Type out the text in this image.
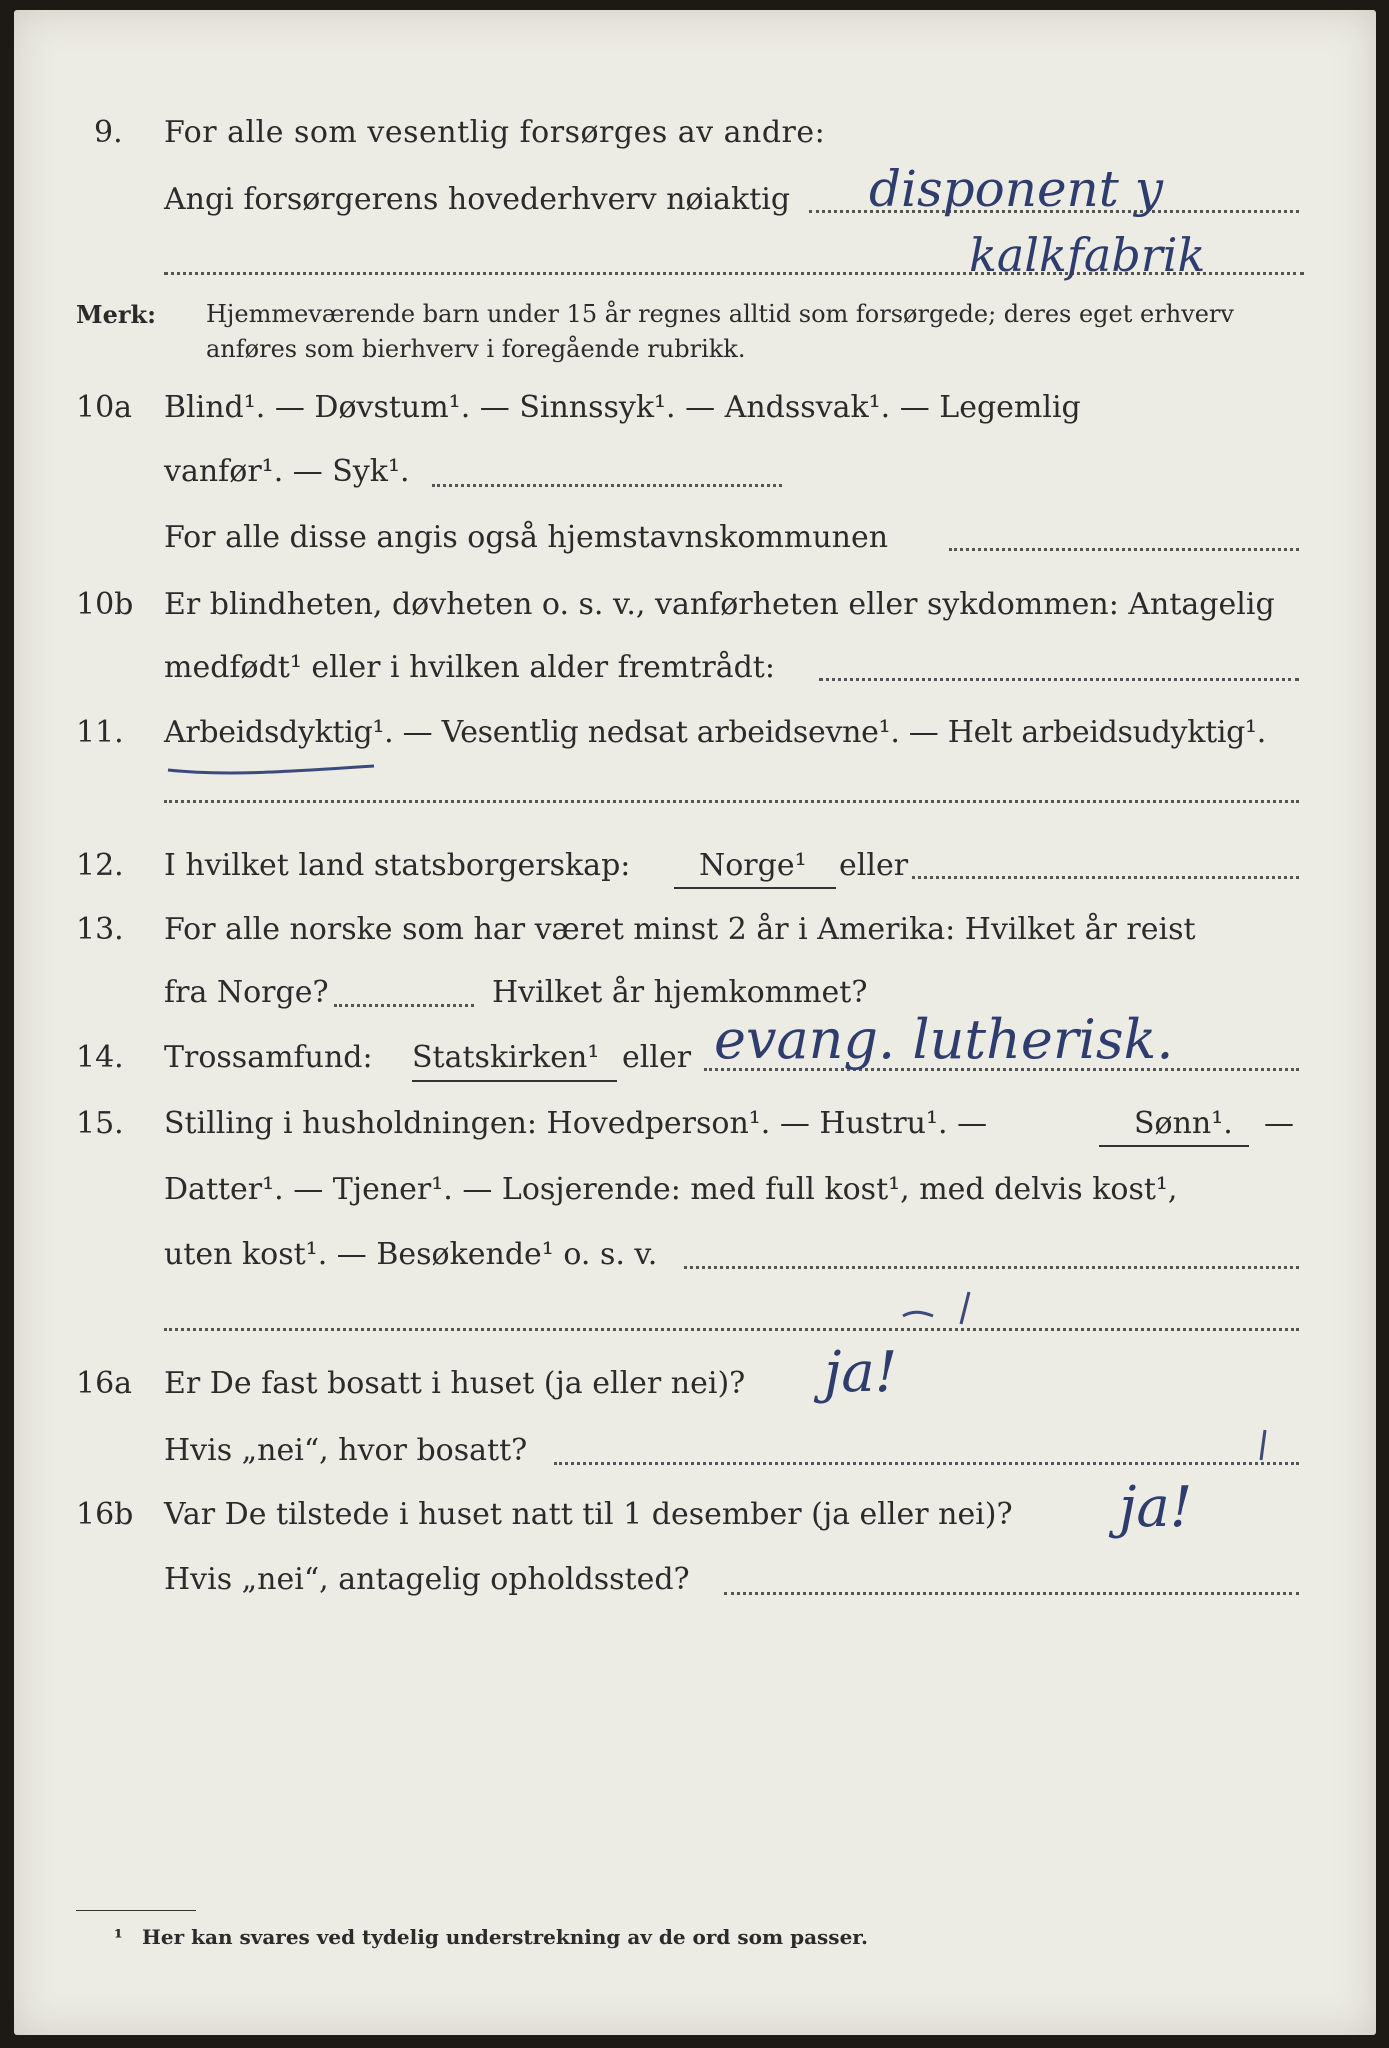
9. For alle som vesentlig forsørges av andre:
Angi forsørgerens hovederhverv nøiaktig disponent y
kalkfabrik
Merk: Hjemmeværende barn under 15 år regnes alltid som forsørgede; deres eget erhverv
anføres som bierhverv i foregående rubrikk.
10a Blind¹. — Døvstum¹. — Sinnssyk¹. — Andssvak¹. — Legemlig
vanfør¹. — Syk¹.
For alle disse angis også hjemstavnskommunen
10b Er blindheten, døvheten o. s. v., vanførheten eller sykdommen: Antagelig
medfødt¹ eller i hvilken alder fremtrådt:
11. Arbeidsdyktig¹. — Vesentlig nedsat arbeidsevne¹. — Helt arbeidsudyktig¹.
12. I hvilket land statsborgerskap: Norge¹ eller
13. For alle norske som har været minst 2 år i Amerika: Hvilket år reist
fra Norge?	Hvilket år hjemkommet?
14. Trossamfund: Statskirken¹ eller evang. lutherisk.
15. Stilling i husholdningen: Hovedperson¹. — Hustru¹. —	Sønn¹. —
Datter¹. — Tjener¹. — Losjerende: med full kost¹, med delvis kost¹,
uten kost¹. — Besøkende¹ o. s. v.
16a Er De fast bosatt i huset (ja eller nei)? ja!
Hvis „nei“, hvor bosatt?
16b Var De tilstede i huset natt til 1 desember (ja eller nei)? ja!
Hvis „nei“, antagelig opholdssted?
¹ Her kan svares ved tydelig understrekning av de ord som passer.
